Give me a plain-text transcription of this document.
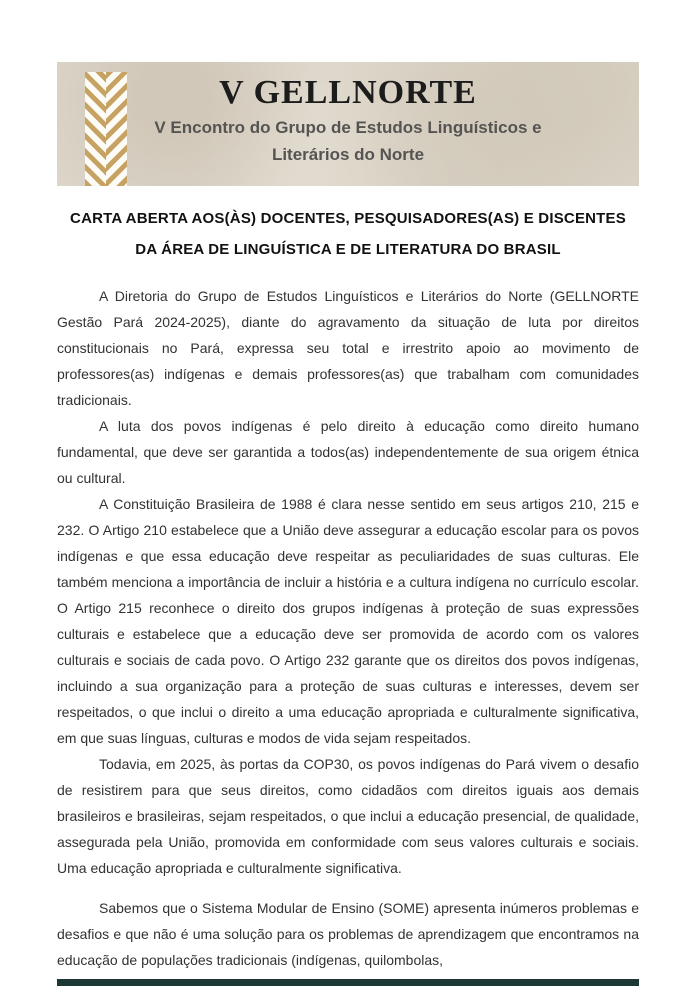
V GELLNORTE
V Encontro do Grupo de Estudos Linguísticos e
Literários do Norte
CARTA ABERTA AOS(ÀS) DOCENTES, PESQUISADORES(AS) E DISCENTES
DA ÁREA DE LINGUÍSTICA E DE LITERATURA DO BRASIL

A Diretoria do Grupo de Estudos Linguísticos e Literários do Norte (GELLNORTE Gestão Pará 2024-2025), diante do agravamento da situação de luta por direitos constitucionais no Pará, expressa seu total e irrestrito apoio ao movimento de professores(as) indígenas e demais professores(as) que trabalham com comunidades tradicionais.

A luta dos povos indígenas é pelo direito à educação como direito humano fundamental, que deve ser garantida a todos(as) independentemente de sua origem étnica ou cultural.

A Constituição Brasileira de 1988 é clara nesse sentido em seus artigos 210, 215 e 232. O Artigo 210 estabelece que a União deve assegurar a educação escolar para os povos indígenas e que essa educação deve respeitar as peculiaridades de suas culturas. Ele também menciona a importância de incluir a história e a cultura indígena no currículo escolar. O Artigo 215 reconhece o direito dos grupos indígenas à proteção de suas expressões culturais e estabelece que a educação deve ser promovida de acordo com os valores culturais e sociais de cada povo. O Artigo 232 garante que os direitos dos povos indígenas, incluindo a sua organização para a proteção de suas culturas e interesses, devem ser respeitados, o que inclui o direito a uma educação apropriada e culturalmente significativa, em que suas línguas, culturas e modos de vida sejam respeitados.

Todavia, em 2025, às portas da COP30, os povos indígenas do Pará vivem o desafio de resistirem para que seus direitos, como cidadãos com direitos iguais aos demais brasileiros e brasileiras, sejam respeitados, o que inclui a educação presencial, de qualidade, assegurada pela União, promovida em conformidade com seus valores culturais e sociais. Uma educação apropriada e culturalmente significativa.

Sabemos que o Sistema Modular de Ensino (SOME) apresenta inúmeros problemas e desafios e que não é uma solução para os problemas de aprendizagem que encontramos na educação de populações tradicionais (indígenas, quilombolas,
